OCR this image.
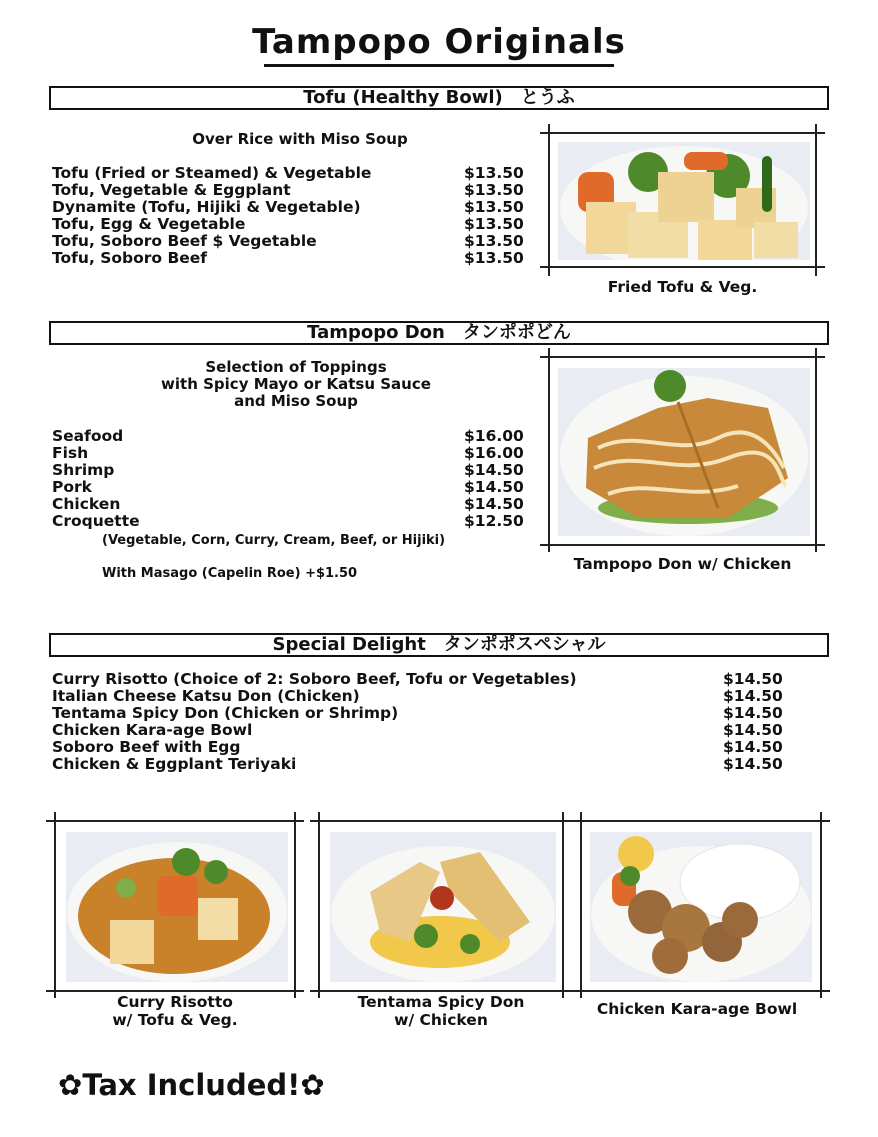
Tampopo Originals
Tofu (Healthy Bowl)　とうふ
Over Rice with Miso Soup
Tofu (Fried or Steamed) & Vegetable	$13.50
Tofu, Vegetable & Eggplant	$13.50
Dynamite (Tofu, Hijiki & Vegetable)	$13.50
Tofu, Egg & Vegetable	$13.50
Tofu, Soboro Beef $ Vegetable	$13.50
Tofu, Soboro Beef	$13.50
Fried Tofu & Veg.
Tampopo Don　タンポポどん
Selection of Toppings
with Spicy Mayo or Katsu Sauce
and Miso Soup
Seafood	$16.00
Fish	$16.00
Shrimp	$14.50
Pork	$14.50
Chicken	$14.50
Croquette	$12.50
(Vegetable, Corn, Curry, Cream, Beef, or Hijiki)
With Masago (Capelin Roe) +$1.50
Tampopo Don w/ Chicken
Special Delight　タンポポスペシャル
Curry Risotto (Choice of 2: Soboro Beef, Tofu or Vegetables)	$14.50
Italian Cheese Katsu Don (Chicken)	$14.50
Tentama Spicy Don (Chicken or Shrimp)	$14.50
Chicken Kara-age Bowl	$14.50
Soboro Beef with Egg	$14.50
Chicken & Eggplant Teriyaki	$14.50
Curry Risotto
w/ Tofu & Veg.
Tentama Spicy Don
w/ Chicken
Chicken Kara-age Bowl
✿Tax Included!✿
